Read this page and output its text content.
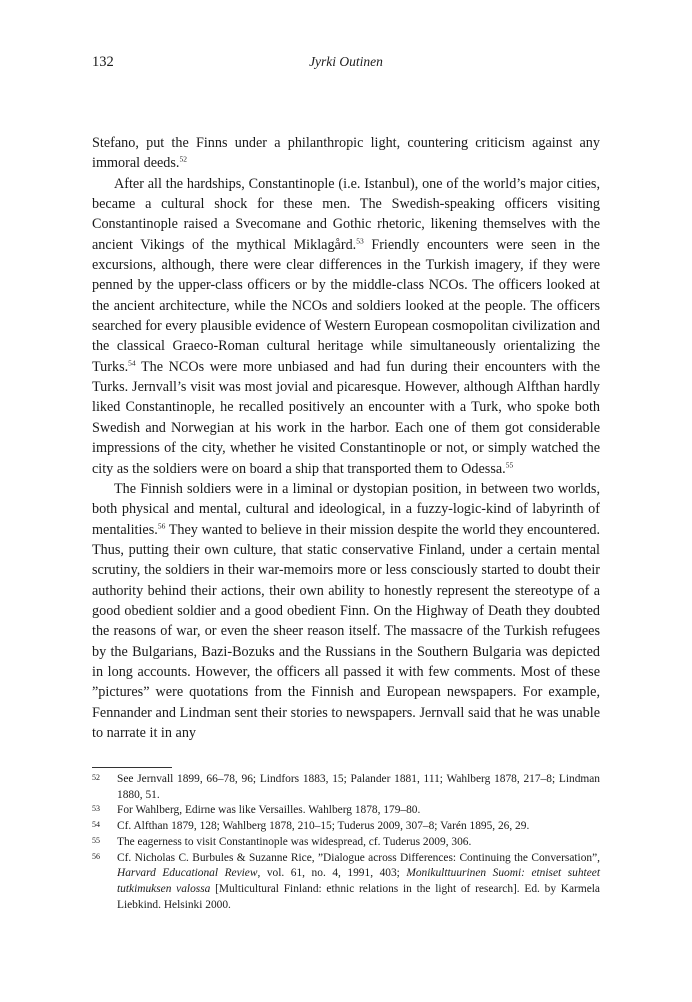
132	Jyrki Outinen

Stefano, put the Finns under a philanthropic light, countering criticism against any immoral deeds.$^{52}$

After all the hardships, Constantinople (i.e. Istanbul), one of the world’s major cities, became a cultural shock for these men. The Swedish-speaking officers visiting Constantinople raised a Svecomane and Gothic rhetoric, likening themselves with the ancient Vikings of the mythical Miklagård.$^{53}$ Friendly encounters were seen in the excursions, although, there were clear differences in the Turkish imagery, if they were penned by the upper-class officers or by the middle-class NCOs. The officers looked at the ancient architecture, while the NCOs and soldiers looked at the people. The officers searched for every plausible evidence of Western European cosmopolitan civilization and the classical Graeco-Roman cultural heritage while simultaneously orientalizing the Turks.$^{54}$ The NCOs were more unbiased and had fun during their encounters with the Turks. Jernvall’s visit was most jovial and picaresque. However, although Alfthan hardly liked Constantinople, he recalled positively an encounter with a Turk, who spoke both Swedish and Norwegian at his work in the harbor. Each one of them got considerable impressions of the city, whether he visited Constantinople or not, or simply watched the city as the soldiers were on board a ship that transported them to Odessa.$^{55}$

The Finnish soldiers were in a liminal or dystopian position, in between two worlds, both physical and mental, cultural and ideological, in a fuzzy-logic-kind of labyrinth of mentalities.$^{56}$ They wanted to believe in their mission despite the world they encountered. Thus, putting their own culture, that static conservative Finland, under a certain mental scrutiny, the soldiers in their war-memoirs more or less consciously started to doubt their authority behind their actions, their own ability to honestly represent the stereotype of a good obedient soldier and a good obedient Finn. On the Highway of Death they doubted the reasons of war, or even the sheer reason itself. The massacre of the Turkish refugees by the Bulgarians, Bazi-Bozuks and the Russians in the Southern Bulgaria was depicted in long accounts. However, the officers all passed it with few comments. Most of these ”pictures” were quotations from the Finnish and European newspapers. For example, Fennander and Lindman sent their stories to newspapers. Jernvall said that he was unable to narrate it in any

52	See Jernvall 1899, 66–78, 96; Lindfors 1883, 15; Palander 1881, 111; Wahlberg 1878, 217–8; Lindman 1880, 51.
53	For Wahlberg, Edirne was like Versailles. Wahlberg 1878, 179–80.
54	Cf. Alfthan 1879, 128; Wahlberg 1878, 210–15; Tuderus 2009, 307–8; Varén 1895, 26, 29.
55	The eagerness to visit Constantinople was widespread, cf. Tuderus 2009, 306.
56	Cf. Nicholas C. Burbules & Suzanne Rice, ”Dialogue across Differences: Continuing the Conversation”, Harvard Educational Review, vol. 61, no. 4, 1991, 403; Monikulttuurinen Suomi: etniset suhteet tutkimuksen valossa [Multicultural Finland: ethnic relations in the light of research]. Ed. by Karmela Liebkind. Helsinki 2000.
